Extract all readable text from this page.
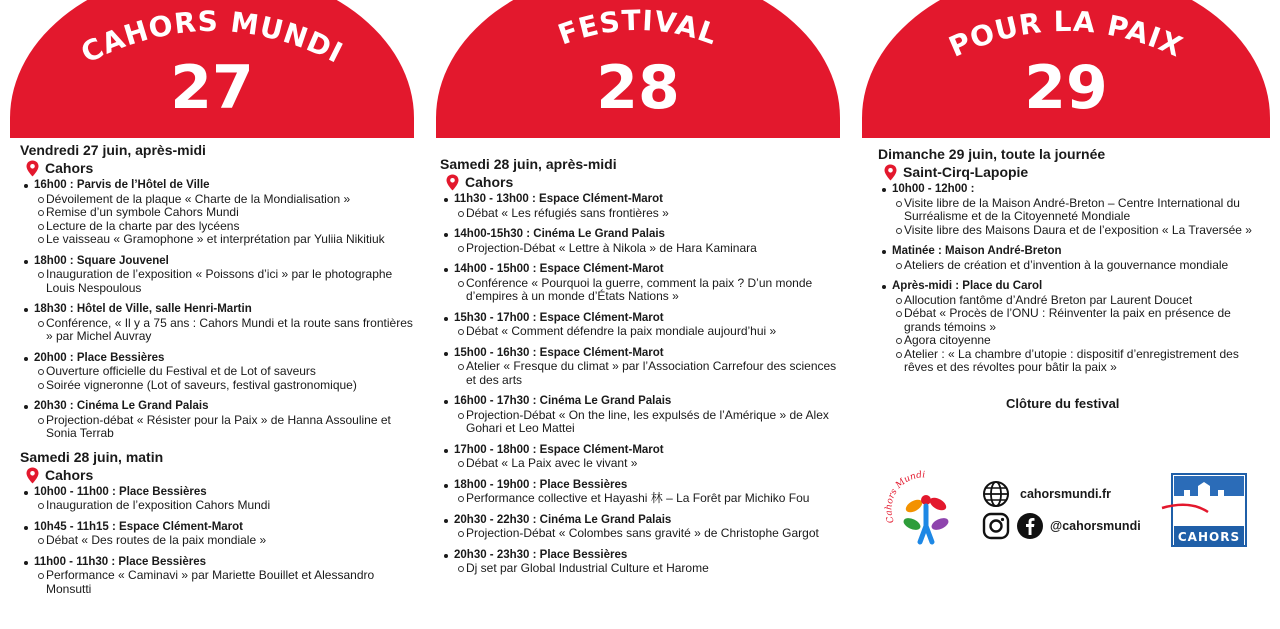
CAHORS MUNDI
27
FESTIVAL
28
POUR LA PAIX
29
Vendredi 27 juin, après-midi
Cahors
16h00 : Parvis de l’Hôtel de Ville
Dévoilement de la plaque « Charte de la Mondialisation »
Remise d’un symbole Cahors Mundi
Lecture de la charte par des lycéens
Le vaisseau « Gramophone » et interprétation par Yuliia Nikitiuk
18h00 : Square Jouvenel
Inauguration de l’exposition « Poissons d’ici » par le photographe Louis Nespoulous
18h30 : Hôtel de Ville, salle Henri-Martin
Conférence, « Il y a 75 ans : Cahors Mundi et la route sans frontières » par Michel Auvray
20h00 : Place Bessières
Ouverture officielle du Festival et de Lot of saveurs
Soirée vigneronne (Lot of saveurs, festival gastronomique)
20h30 : Cinéma Le Grand Palais
Projection-débat « Résister pour la Paix » de Hanna Assouline et Sonia Terrab
Samedi 28 juin, matin
Cahors
10h00 - 11h00 : Place Bessières
Inauguration de l’exposition Cahors Mundi
10h45 - 11h15 : Espace Clément-Marot
Débat « Des routes de la paix mondiale »
11h00 - 11h30 : Place Bessières
Performance « Caminavi » par Mariette Bouillet et Alessandro Monsutti
Samedi 28 juin, après-midi
Cahors
11h30 - 13h00 : Espace Clément-Marot
Débat « Les réfugiés sans frontières »
14h00-15h30 : Cinéma Le Grand Palais
Projection-Débat « Lettre à Nikola » de Hara Kaminara
14h00 - 15h00 : Espace Clément-Marot
Conférence « Pourquoi la guerre, comment la paix ? D’un monde d’empires à un monde d’États Nations »
15h30 - 17h00 : Espace Clément-Marot
Débat « Comment défendre la paix mondiale aujourd’hui »
15h00 - 16h30 : Espace Clément-Marot
Atelier « Fresque du climat » par l’Association Carrefour des sciences et des arts
16h00 - 17h30 : Cinéma Le Grand Palais
Projection-Débat « On the line, les expulsés de l’Amérique » de Alex Gohari et Leo Mattei
17h00 - 18h00 : Espace Clément-Marot
Débat « La Paix avec le vivant »
18h00 - 19h00 : Place Bessières
Performance collective et Hayashi 林 – La Forêt par Michiko Fou
20h30 - 22h30 : Cinéma Le Grand Palais
Projection-Débat « Colombes sans gravité » de Christophe Gargot
20h30 - 23h30 : Place Bessières
Dj set par Global Industrial Culture et Harome
Dimanche 29 juin, toute la journée
Saint-Cirq-Lapopie
10h00 - 12h00 :
Visite libre de la Maison André-Breton – Centre International du Surréalisme et de la Citoyenneté Mondiale
Visite libre des Maisons Daura et de l’exposition « La Traversée »
Matinée : Maison André-Breton
Ateliers de création et d’invention à la gouvernance mondiale
Après-midi : Place du Carol
Allocution fantôme d’André Breton par Laurent Doucet
Débat « Procès de l’ONU : Réinventer la paix en présence de grands témoins »
Agora citoyenne
Atelier : « La chambre d’utopie : dispositif d’enregistrement des rêves et des révoltes pour bâtir la paix »
Clôture du festival
Cahors Mundi
cahorsmundi.fr
@cahorsmundi
CAHORS
